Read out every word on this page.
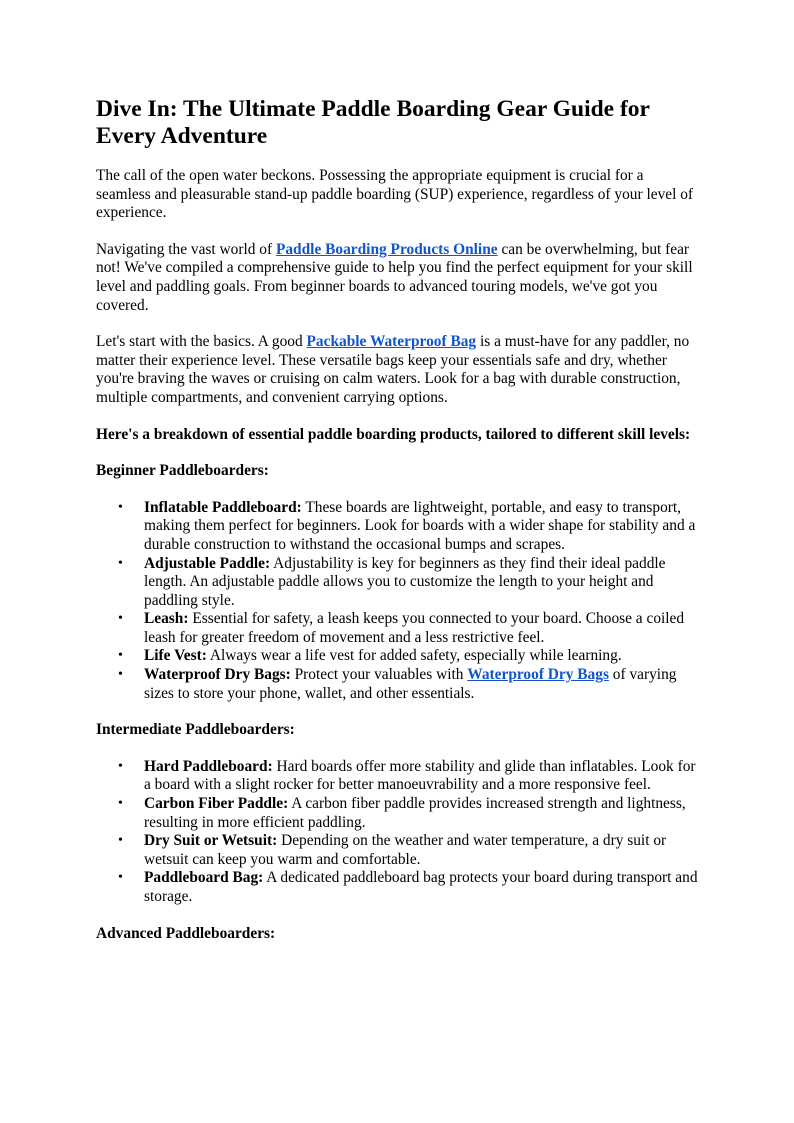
Dive In: The Ultimate Paddle Boarding Gear Guide for Every Adventure

The call of the open water beckons. Possessing the appropriate equipment is crucial for a seamless and pleasurable stand-up paddle boarding (SUP) experience, regardless of your level of experience.

Navigating the vast world of Paddle Boarding Products Online can be overwhelming, but fear not! We've compiled a comprehensive guide to help you find the perfect equipment for your skill level and paddling goals. From beginner boards to advanced touring models, we've got you covered.

Let's start with the basics. A good Packable Waterproof Bag is a must-have for any paddler, no matter their experience level. These versatile bags keep your essentials safe and dry, whether you're braving the waves or cruising on calm waters. Look for a bag with durable construction, multiple compartments, and convenient carrying options.

Here's a breakdown of essential paddle boarding products, tailored to different skill levels:

Beginner Paddleboarders:

• Inflatable Paddleboard: These boards are lightweight, portable, and easy to transport, making them perfect for beginners. Look for boards with a wider shape for stability and a durable construction to withstand the occasional bumps and scrapes.
• Adjustable Paddle: Adjustability is key for beginners as they find their ideal paddle length. An adjustable paddle allows you to customize the length to your height and paddling style.
• Leash: Essential for safety, a leash keeps you connected to your board. Choose a coiled leash for greater freedom of movement and a less restrictive feel.
• Life Vest: Always wear a life vest for added safety, especially while learning.
• Waterproof Dry Bags: Protect your valuables with Waterproof Dry Bags of varying sizes to store your phone, wallet, and other essentials.

Intermediate Paddleboarders:

• Hard Paddleboard: Hard boards offer more stability and glide than inflatables. Look for a board with a slight rocker for better manoeuvrability and a more responsive feel.
• Carbon Fiber Paddle: A carbon fiber paddle provides increased strength and lightness, resulting in more efficient paddling.
• Dry Suit or Wetsuit: Depending on the weather and water temperature, a dry suit or wetsuit can keep you warm and comfortable.
• Paddleboard Bag: A dedicated paddleboard bag protects your board during transport and storage.

Advanced Paddleboarders:
